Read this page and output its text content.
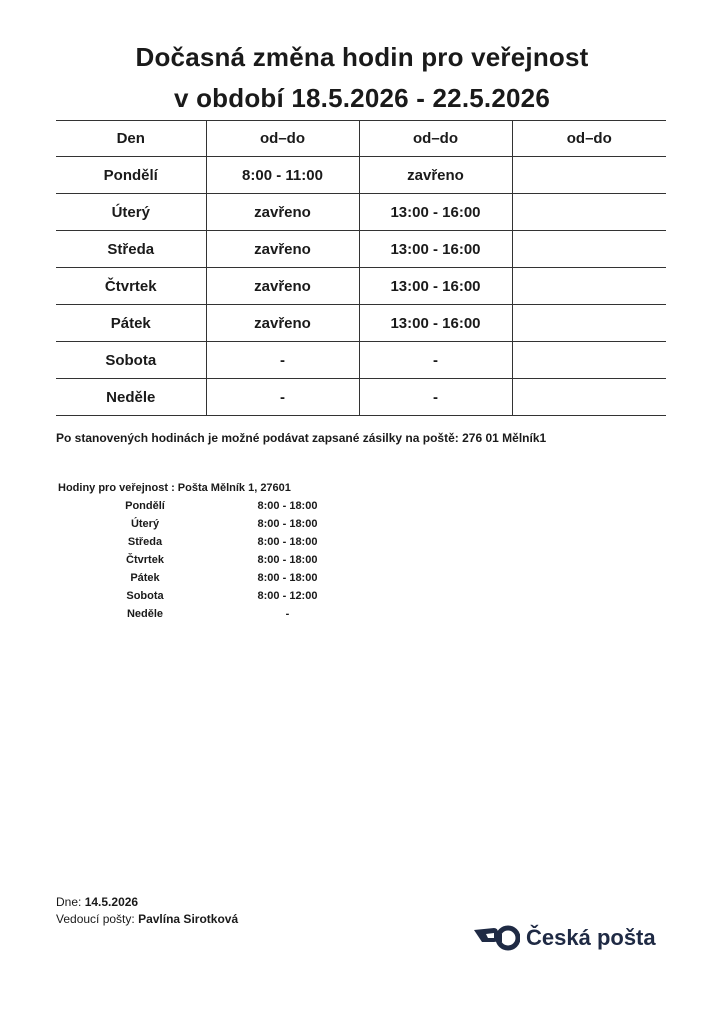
Dočasná změna hodin pro veřejnost
v období 18.5.2026 - 22.5.2026
Den	od–do	od–do	od–do
Pondělí	8:00 - 11:00	zavřeno	
Úterý	zavřeno	13:00 - 16:00	
Středa	zavřeno	13:00 - 16:00	
Čtvrtek	zavřeno	13:00 - 16:00	
Pátek	zavřeno	13:00 - 16:00	
Sobota	-	-	
Neděle	-	-	
Po stanovených hodinách je možné podávat zapsané zásilky na poště: 276 01 Mělník1
Hodiny pro veřejnost : Pošta Mělník 1, 27601
Pondělí	8:00 - 18:00
Úterý	8:00 - 18:00
Středa	8:00 - 18:00
Čtvrtek	8:00 - 18:00
Pátek	8:00 - 18:00
Sobota	8:00 - 12:00
Neděle	-
Dne: 14.5.2026
Vedoucí pošty: Pavlína Sirotková
Česká pošta
